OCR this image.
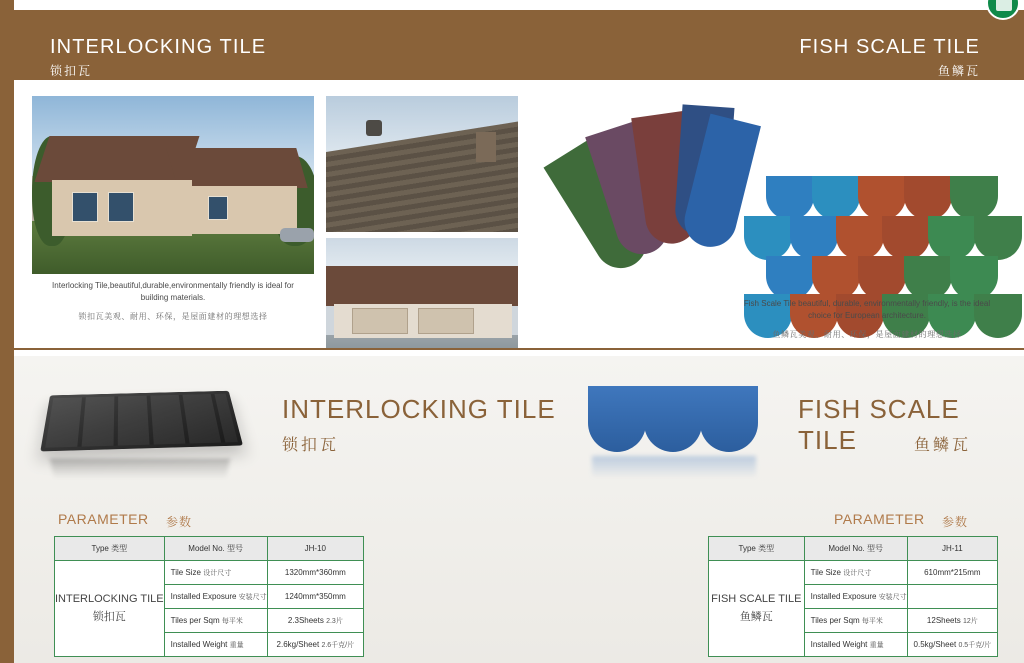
INTERLOCKING TILE
锁扣瓦
FISH SCALE TILE
鱼鳞瓦
Interlocking Tile,beautiful,durable,environmentally friendly is ideal for building materials.
锁扣瓦美观、耐用、环保，是屋面建材的理想选择
Fish Scale Tile beautiful, durable, environmentally friendly, is the ideal choice for European architecture.
鱼鳞瓦美观、耐用、环保，是屋面建材的理想选择
INTERLOCKING TILE
锁扣瓦
PARAMETER 参数
Type 类型	Model No. 型号	JH-10
INTERLOCKING TILE
锁扣瓦	Tile Size 设计尺寸	1320mm*360mm
	Installed Exposure 安装尺寸	1240mm*350mm
	Tiles per Sqm 每平米	2.3Sheets 2.3片
	Installed Weight 重量	2.6kg/Sheet 2.6千克/片
FISH SCALE TILE	鱼鳞瓦
PARAMETER 参数
Type 类型	Model No. 型号	JH-11
FISH SCALE TILE
鱼鳞瓦	Tile Size 设计尺寸	610mm*215mm
	Installed Exposure 安装尺寸	
	Tiles per Sqm 每平米	12Sheets 12片
	Installed Weight 重量	0.5kg/Sheet 0.5千克/片
